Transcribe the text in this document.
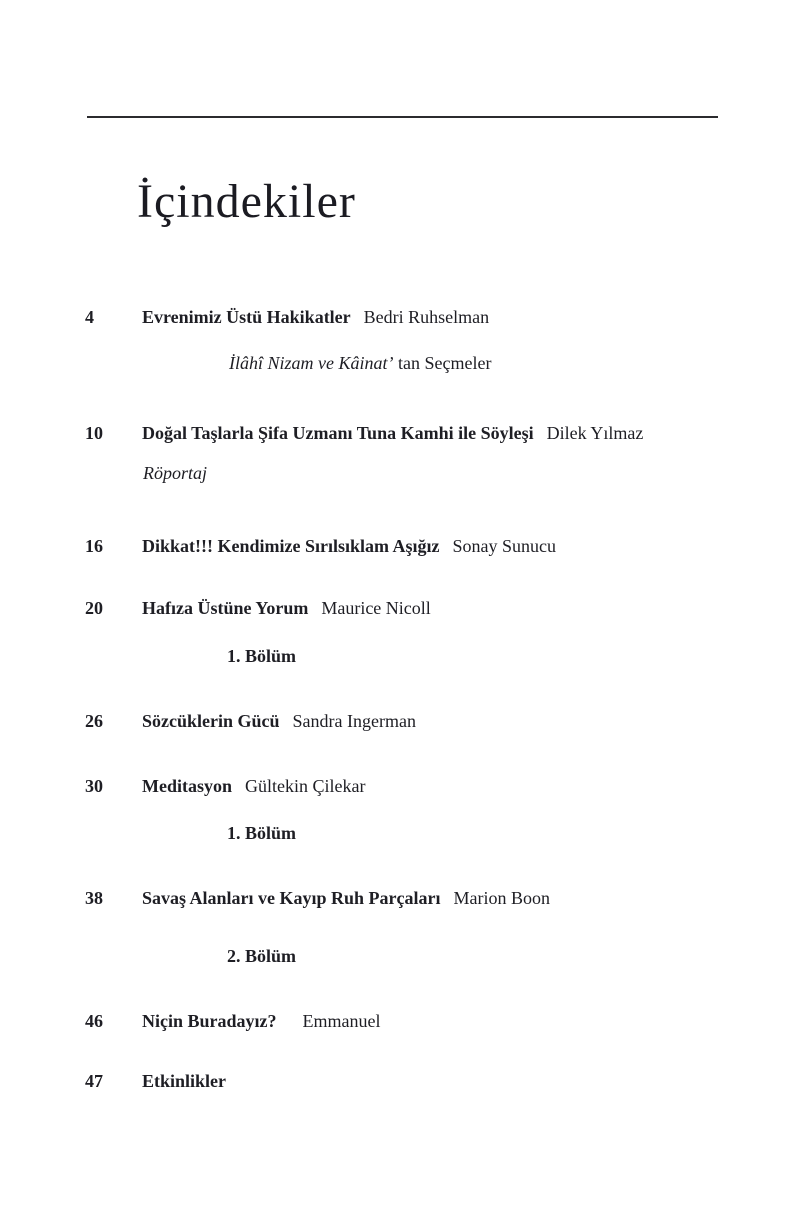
İçindekiler
4	Evrenimiz Üstü Hakikatler Bedri Ruhselman
İlâhî Nizam ve Kâinat’ tan Seçmeler
10 Doğal Taşlarla Şifa Uzmanı Tuna Kamhi ile Söyleşi Dilek Yılmaz
Röportaj
16 Dikkat!!! Kendimize Sırılsıklam Aşığız Sonay Sunucu
20 Hafıza Üstüne Yorum Maurice Nicoll
1. Bölüm
26 Sözcüklerin Gücü Sandra Ingerman
30 Meditasyon Gültekin Çilekar
1. Bölüm
38 Savaş Alanları ve Kayıp Ruh Parçaları Marion Boon
2. Bölüm
46 Niçin Buradayız? Emmanuel
47 Etkinlikler
